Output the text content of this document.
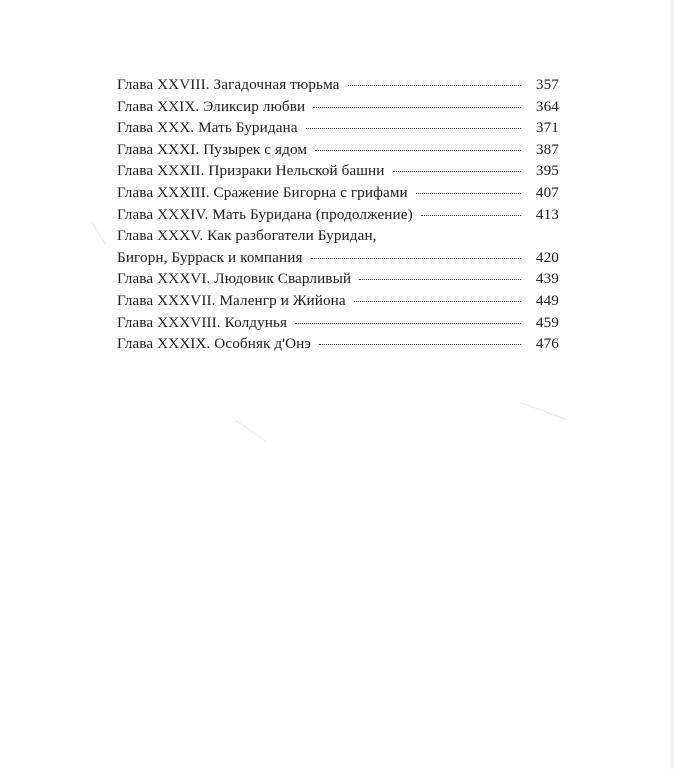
Глава XXVIII. Загадочная тюрьма	357
Глава XXIX. Эликсир любви	364
Глава XXX. Мать Буридана	371
Глава XXXI. Пузырек с ядом	387
Глава XXXII. Призраки Нельской башни	395
Глава XXXIII. Сражение Бигорна с грифами	407
Глава XXXIV. Мать Буридана (продолжение)	413
Глава XXXV. Как разбогатели Буридан,
Бигорн, Бурраск и компания	420
Глава XXXVI. Людовик Сварливый	439
Глава XXXVII. Маленгр и Жийона	449
Глава XXXVIII. Колдунья	459
Глава XXXIX. Особняк д'Онэ	476
